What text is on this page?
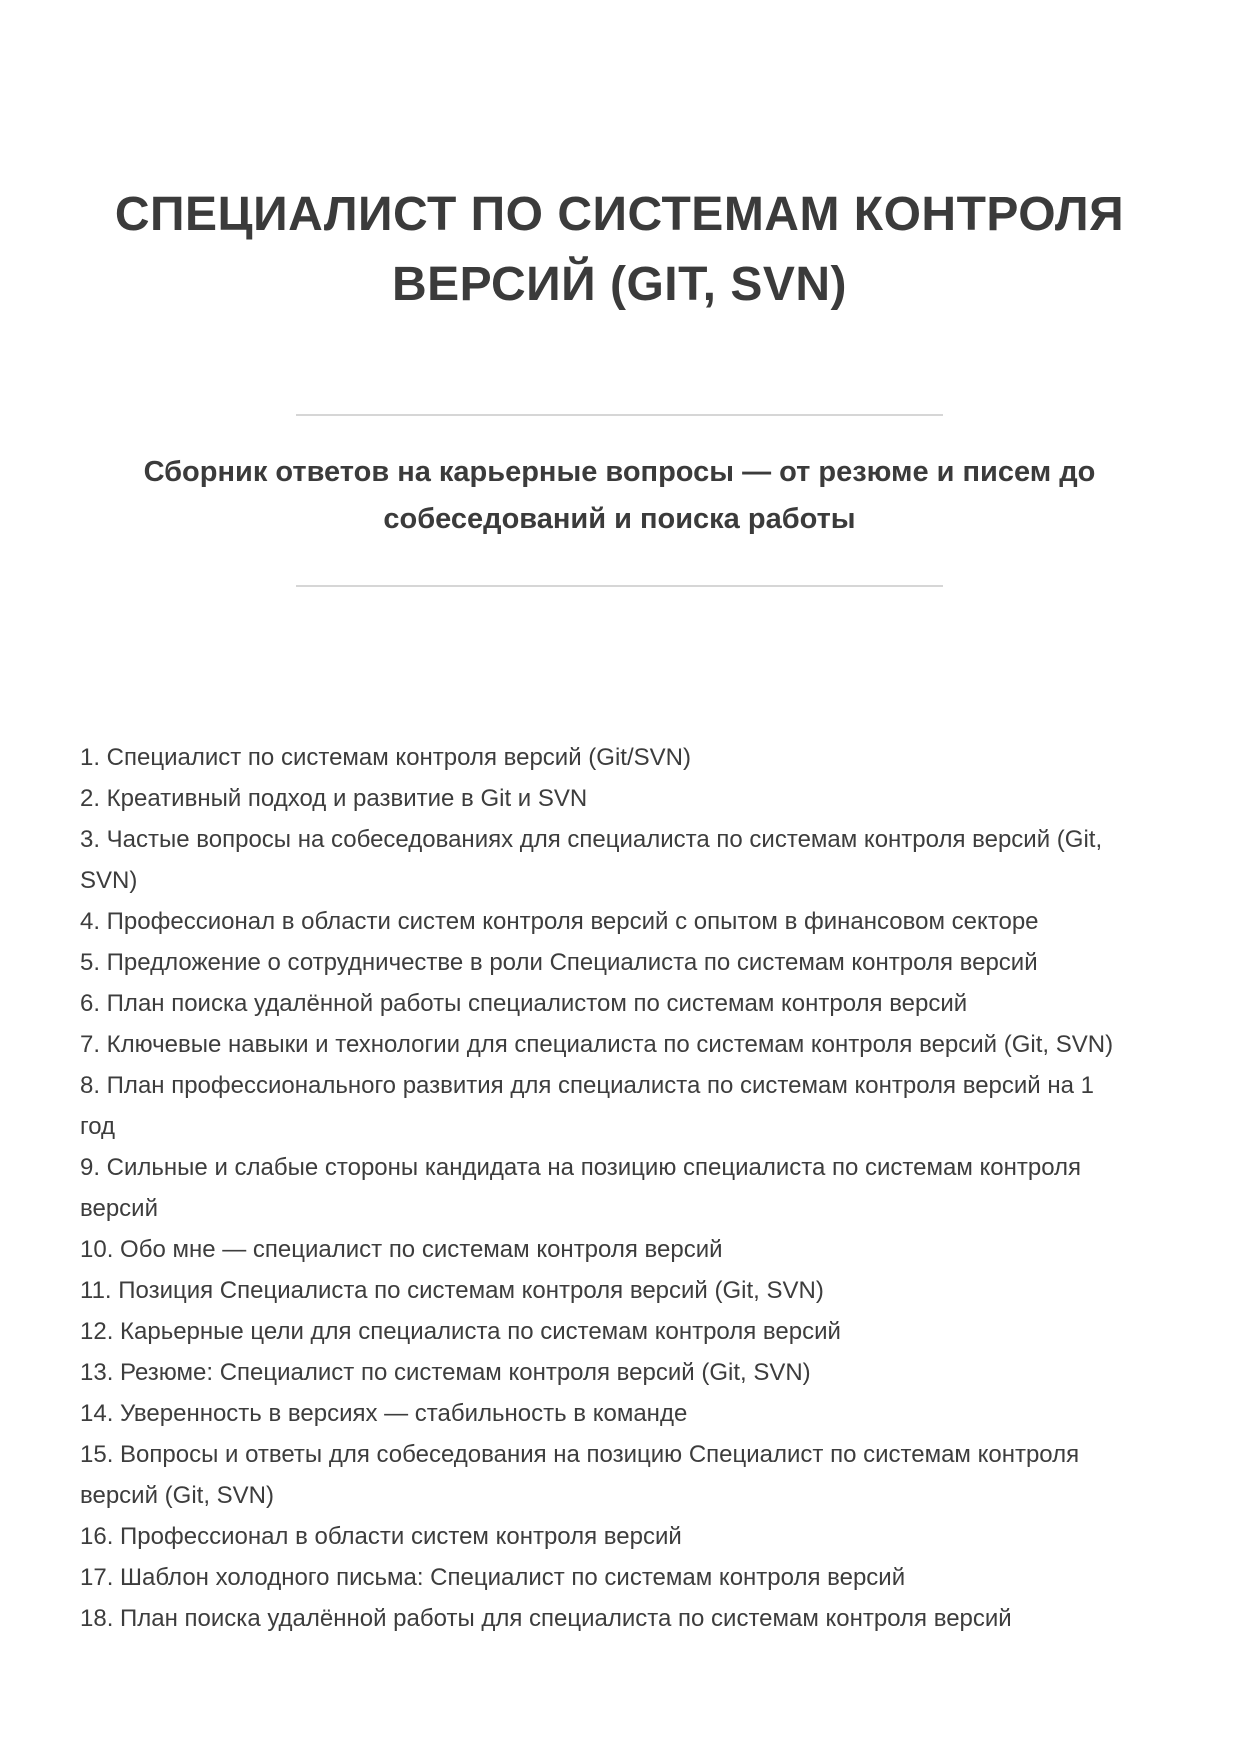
СПЕЦИАЛИСТ ПО СИСТЕМАМ КОНТРОЛЯ ВЕРСИЙ (GIT, SVN)

Сборник ответов на карьерные вопросы — от резюме и писем до собеседований и поиска работы

1. Специалист по системам контроля версий (Git/SVN)
2. Креативный подход и развитие в Git и SVN
3. Частые вопросы на собеседованиях для специалиста по системам контроля версий (Git, SVN)
4. Профессионал в области систем контроля версий с опытом в финансовом секторе
5. Предложение о сотрудничестве в роли Специалиста по системам контроля версий
6. План поиска удалённой работы специалистом по системам контроля версий
7. Ключевые навыки и технологии для специалиста по системам контроля версий (Git, SVN)
8. План профессионального развития для специалиста по системам контроля версий на 1 год
9. Сильные и слабые стороны кандидата на позицию специалиста по системам контроля версий
10. Обо мне — специалист по системам контроля версий
11. Позиция Специалиста по системам контроля версий (Git, SVN)
12. Карьерные цели для специалиста по системам контроля версий
13. Резюме: Специалист по системам контроля версий (Git, SVN)
14. Уверенность в версиях — стабильность в команде
15. Вопросы и ответы для собеседования на позицию Специалист по системам контроля версий (Git, SVN)
16. Профессионал в области систем контроля версий
17. Шаблон холодного письма: Специалист по системам контроля версий
18. План поиска удалённой работы для специалиста по системам контроля версий
